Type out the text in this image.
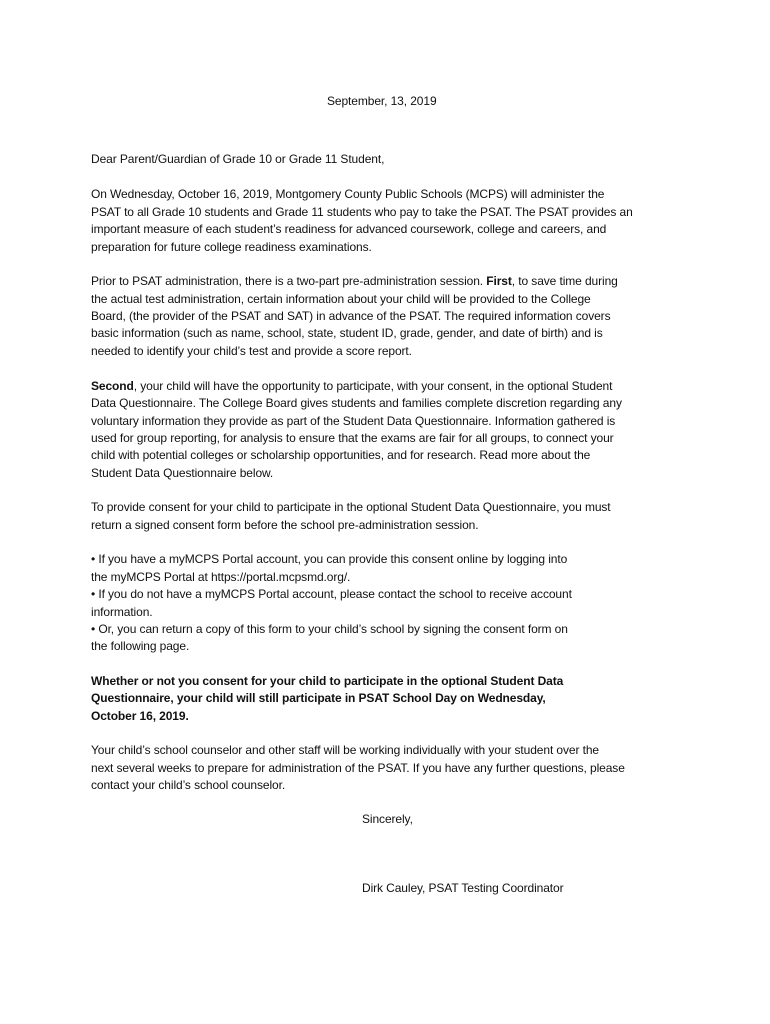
September, 13, 2019
Dear Parent/Guardian of Grade 10 or Grade 11 Student,
On Wednesday, October 16, 2019, Montgomery County Public Schools (MCPS) will administer the
PSAT to all Grade 10 students and Grade 11 students who pay to take the PSAT. The PSAT provides an
important measure of each student’s readiness for advanced coursework, college and careers, and
preparation for future college readiness examinations.
Prior to PSAT administration, there is a two-part pre-administration session. First, to save time during
the actual test administration, certain information about your child will be provided to the College
Board, (the provider of the PSAT and SAT) in advance of the PSAT. The required information covers
basic information (such as name, school, state, student ID, grade, gender, and date of birth) and is
needed to identify your child’s test and provide a score report.
Second, your child will have the opportunity to participate, with your consent, in the optional Student
Data Questionnaire. The College Board gives students and families complete discretion regarding any
voluntary information they provide as part of the Student Data Questionnaire. Information gathered is
used for group reporting, for analysis to ensure that the exams are fair for all groups, to connect your
child with potential colleges or scholarship opportunities, and for research. Read more about the
Student Data Questionnaire below.
To provide consent for your child to participate in the optional Student Data Questionnaire, you must
return a signed consent form before the school pre-administration session.
• If you have a myMCPS Portal account, you can provide this consent online by logging into
the myMCPS Portal at https://portal.mcpsmd.org/.
• If you do not have a myMCPS Portal account, please contact the school to receive account
information.
• Or, you can return a copy of this form to your child’s school by signing the consent form on
the following page.
Whether or not you consent for your child to participate in the optional Student Data
Questionnaire, your child will still participate in PSAT School Day on Wednesday,
October 16, 2019.
Your child’s school counselor and other staff will be working individually with your student over the
next several weeks to prepare for administration of the PSAT. If you have any further questions, please
contact your child’s school counselor.
Sincerely,
Dirk Cauley, PSAT Testing Coordinator
